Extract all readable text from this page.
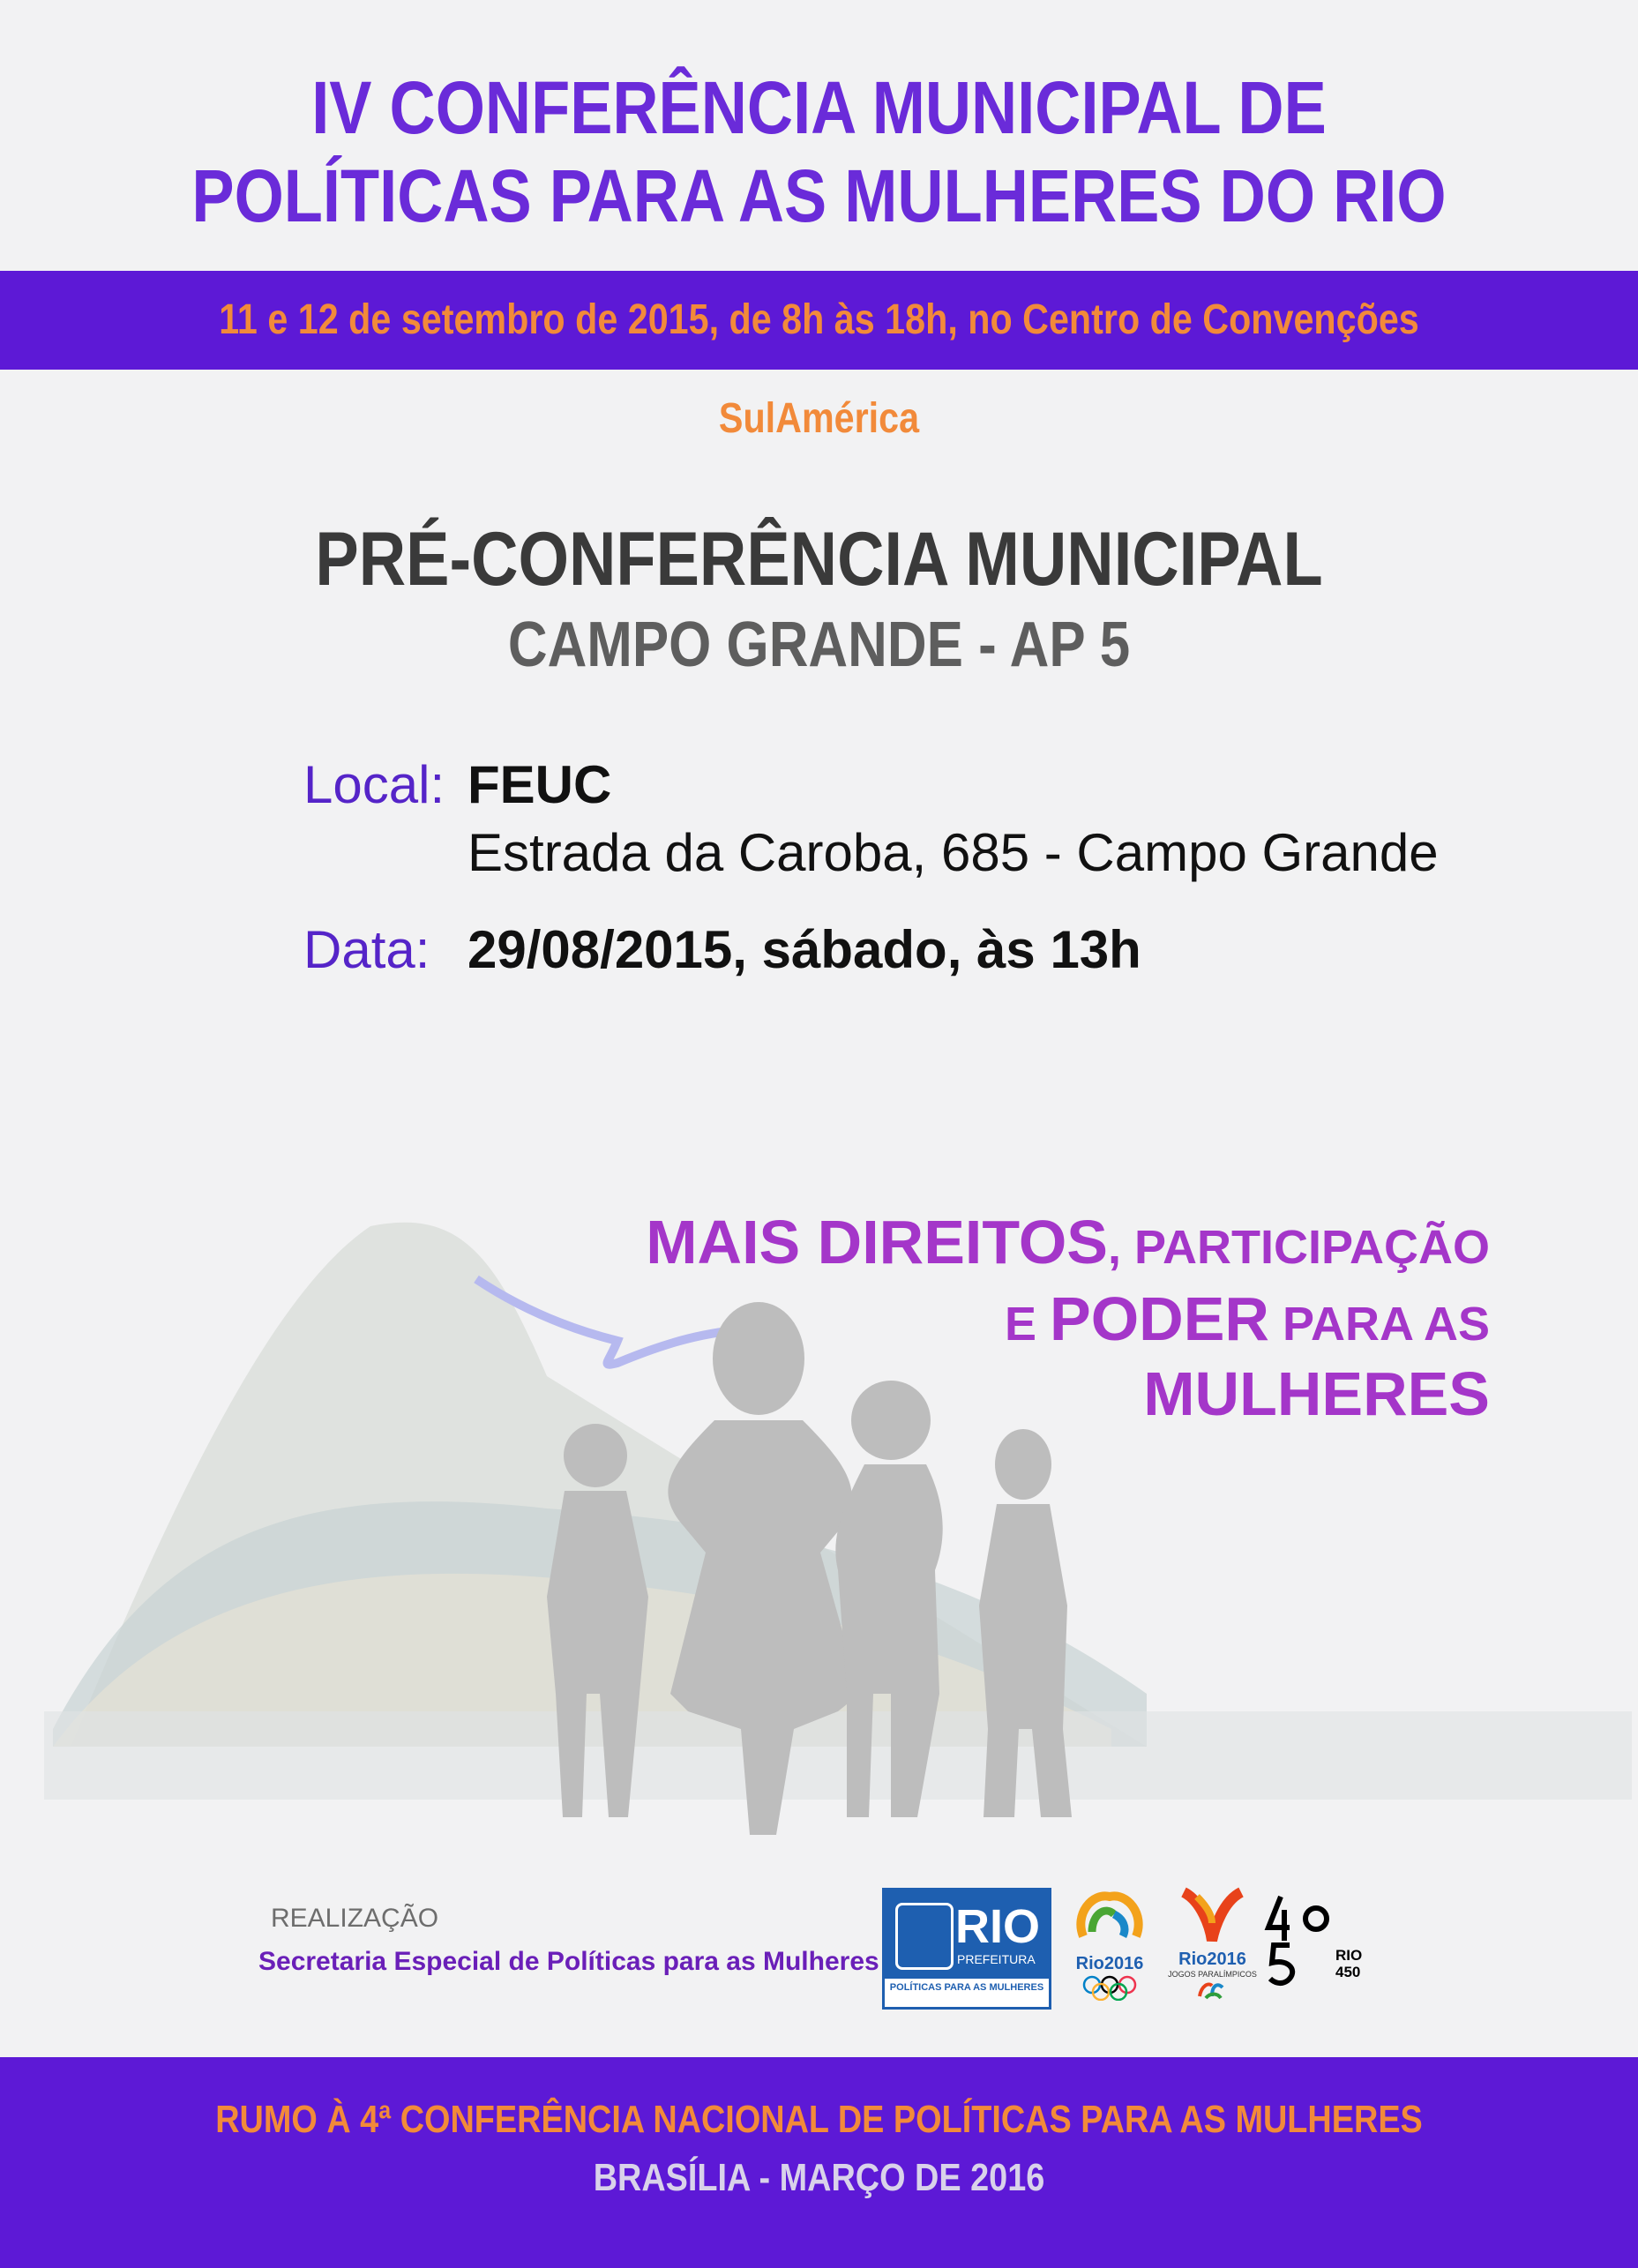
IV CONFERÊNCIA MUNICIPAL DE
POLÍTICAS PARA AS MULHERES DO RIO
11 e 12 de setembro de 2015, de 8h às 18h, no Centro de Convenções SulAmérica
PRÉ-CONFERÊNCIA MUNICIPAL
CAMPO GRANDE - AP 5
Local: FEUC
Estrada da Caroba, 685 - Campo Grande
Data: 29/08/2015, sábado, às 13h
MAIS DIREITOS, PARTICIPAÇÃO
E PODER PARA AS
MULHERES
REALIZAÇÃO
Secretaria Especial de Políticas para as Mulheres
RIO
PREFEITURA
POLÍTICAS PARA AS MULHERES
Rio2016	Rio2016
JOGOS PARALÍMPICOS
RIO
450
RUMO À 4ª CONFERÊNCIA NACIONAL DE POLÍTICAS PARA AS MULHERES
BRASÍLIA - MARÇO DE 2016
